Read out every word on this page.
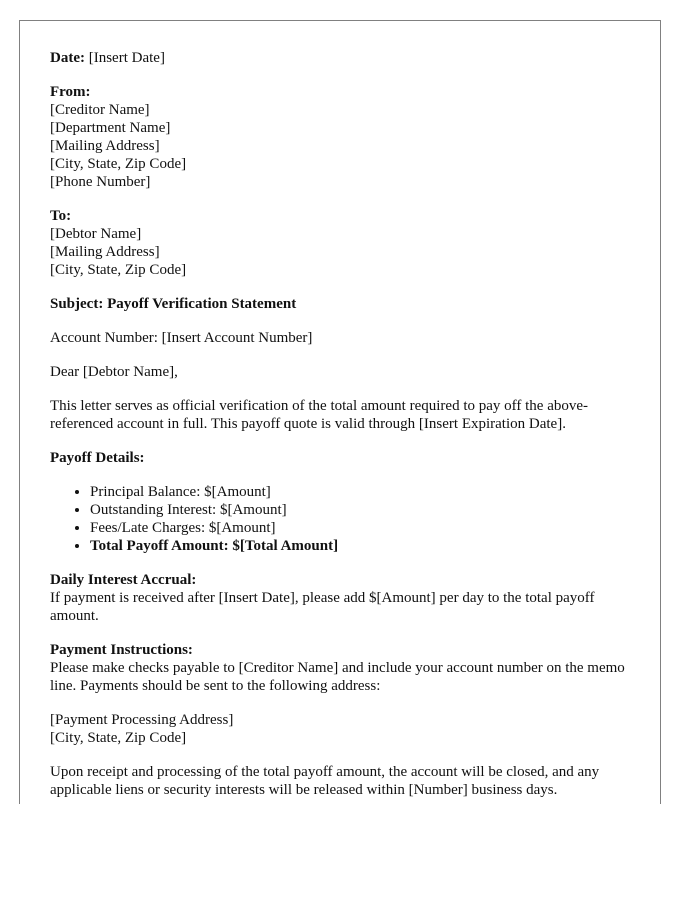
Date: [Insert Date]

From:
[Creditor Name]
[Department Name]
[Mailing Address]
[City, State, Zip Code]
[Phone Number]
To:
[Debtor Name]
[Mailing Address]
[City, State, Zip Code]

Subject: Payoff Verification Statement

Account Number: [Insert Account Number]

Dear [Debtor Name],

This letter serves as official verification of the total amount required to pay off the above-referenced account in full. This payoff quote is valid through [Insert Expiration Date].

Payoff Details:

• Principal Balance: $[Amount]
• Outstanding Interest: $[Amount]
• Fees/Late Charges: $[Amount]
• Total Payoff Amount: $[Total Amount]
Daily Interest Accrual:
If payment is received after [Insert Date], please add $[Amount] per day to the total payoff amount.
Payment Instructions:
Please make checks payable to [Creditor Name] and include your account number on the memo line. Payments should be sent to the following address:
[Payment Processing Address]
[City, State, Zip Code]

Upon receipt and processing of the total payoff amount, the account will be closed, and any applicable liens or security interests will be released within [Number] business days.
